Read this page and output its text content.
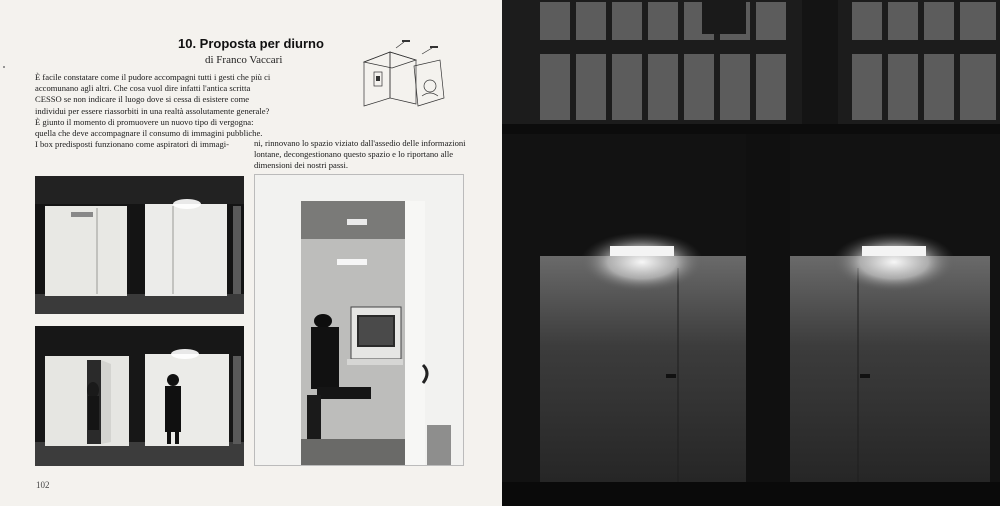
10. Proposta per diurno
di Franco Vaccari

È facile constatare come il pudore accompagni tutti i gesti che più ci accomunano agli altri. Che cosa vuol dire infatti l'antica scritta CESSO se non indicare il luogo dove si cessa di esistere come individui per essere riassorbiti in una realtà assolutamente generale?

È giunto il momento di promuovere un nuovo tipo di vergogna: quella che deve accompagnare il consumo di immagini pubbliche.

I box predisposti funzionano come aspiratori di immagi-	ni, rinnovano lo spazio viziato dall'assedio delle informazioni lontane, decongestionano questo spazio e lo riportano alle dimensioni dei nostri passi.

102
